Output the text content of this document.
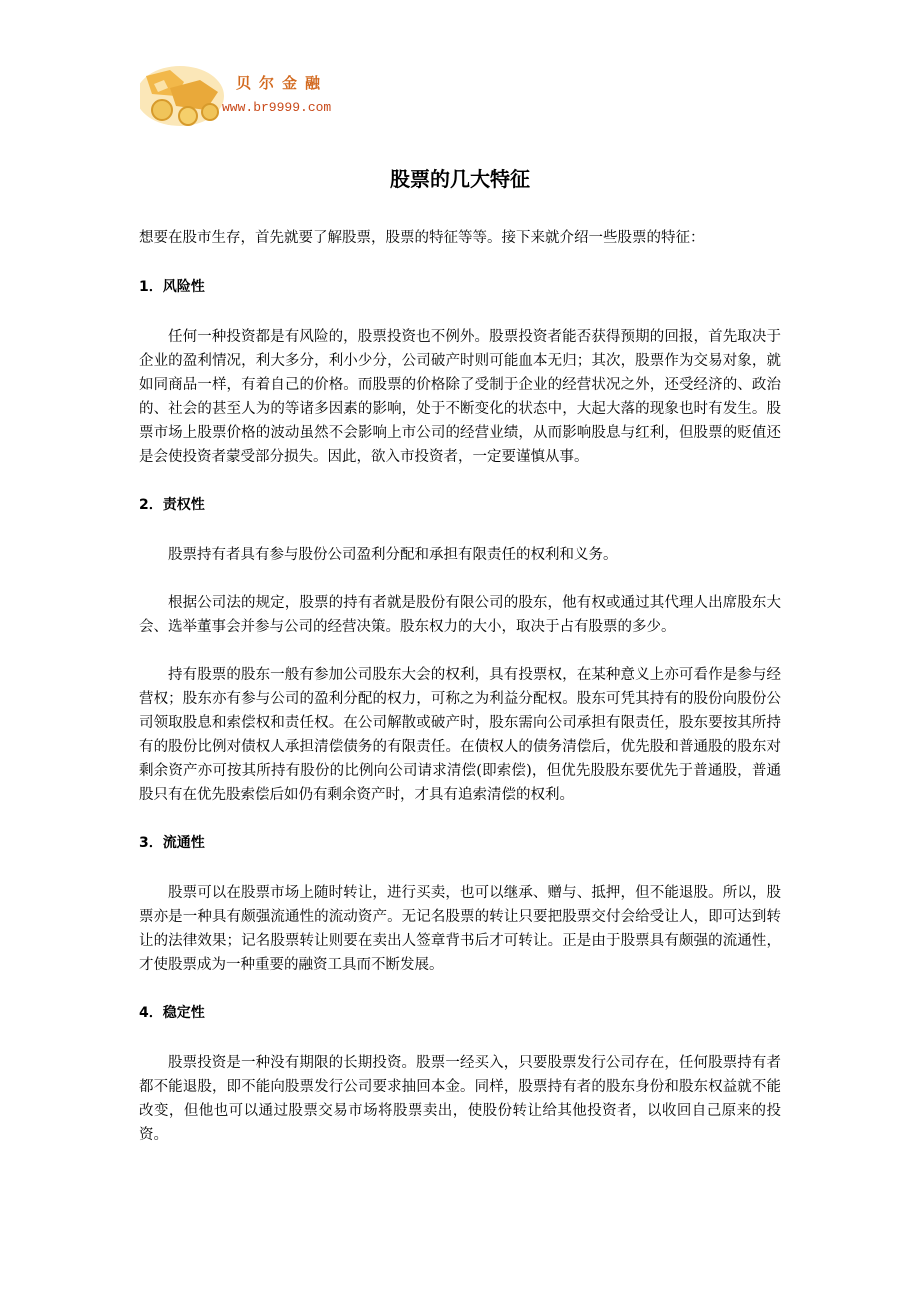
贝尔金融
www.br9999.com
股票的几大特征

想要在股市生存，首先就要了解股票，股票的特征等等。接下来就介绍一些股票的特征：

1．风险性

任何一种投资都是有风险的，股票投资也不例外。股票投资者能否获得预期的回报，首先取决于企业的盈利情况，利大多分，利小少分，公司破产时则可能血本无归；其次，股票作为交易对象，就如同商品一样，有着自己的价格。而股票的价格除了受制于企业的经营状况之外，还受经济的、政治的、社会的甚至人为的等诸多因素的影响，处于不断变化的状态中，大起大落的现象也时有发生。股票市场上股票价格的波动虽然不会影响上市公司的经营业绩，从而影响股息与红利，但股票的贬值还是会使投资者蒙受部分损失。因此，欲入市投资者，一定要谨慎从事。

2．责权性

股票持有者具有参与股份公司盈利分配和承担有限责任的权利和义务。

根据公司法的规定，股票的持有者就是股份有限公司的股东，他有权或通过其代理人出席股东大会、选举董事会并参与公司的经营决策。股东权力的大小，取决于占有股票的多少。

持有股票的股东一般有参加公司股东大会的权利，具有投票权，在某种意义上亦可看作是参与经营权；股东亦有参与公司的盈利分配的权力，可称之为利益分配权。股东可凭其持有的股份向股份公司领取股息和索偿权和责任权。在公司解散或破产时，股东需向公司承担有限责任，股东要按其所持有的股份比例对债权人承担清偿债务的有限责任。在债权人的债务清偿后，优先股和普通股的股东对剩余资产亦可按其所持有股份的比例向公司请求清偿(即索偿)，但优先股股东要优先于普通股，普通股只有在优先股索偿后如仍有剩余资产时，才具有追索清偿的权利。

3．流通性

股票可以在股票市场上随时转让，进行买卖，也可以继承、赠与、抵押，但不能退股。所以，股票亦是一种具有颇强流通性的流动资产。无记名股票的转让只要把股票交付会给受让人，即可达到转让的法律效果；记名股票转让则要在卖出人签章背书后才可转让。正是由于股票具有颇强的流通性，才使股票成为一种重要的融资工具而不断发展。

4．稳定性

股票投资是一种没有期限的长期投资。股票一经买入，只要股票发行公司存在，任何股票持有者都不能退股，即不能向股票发行公司要求抽回本金。同样，股票持有者的股东身份和股东权益就不能改变，但他也可以通过股票交易市场将股票卖出，使股份转让给其他投资者，以收回自己原来的投资。
